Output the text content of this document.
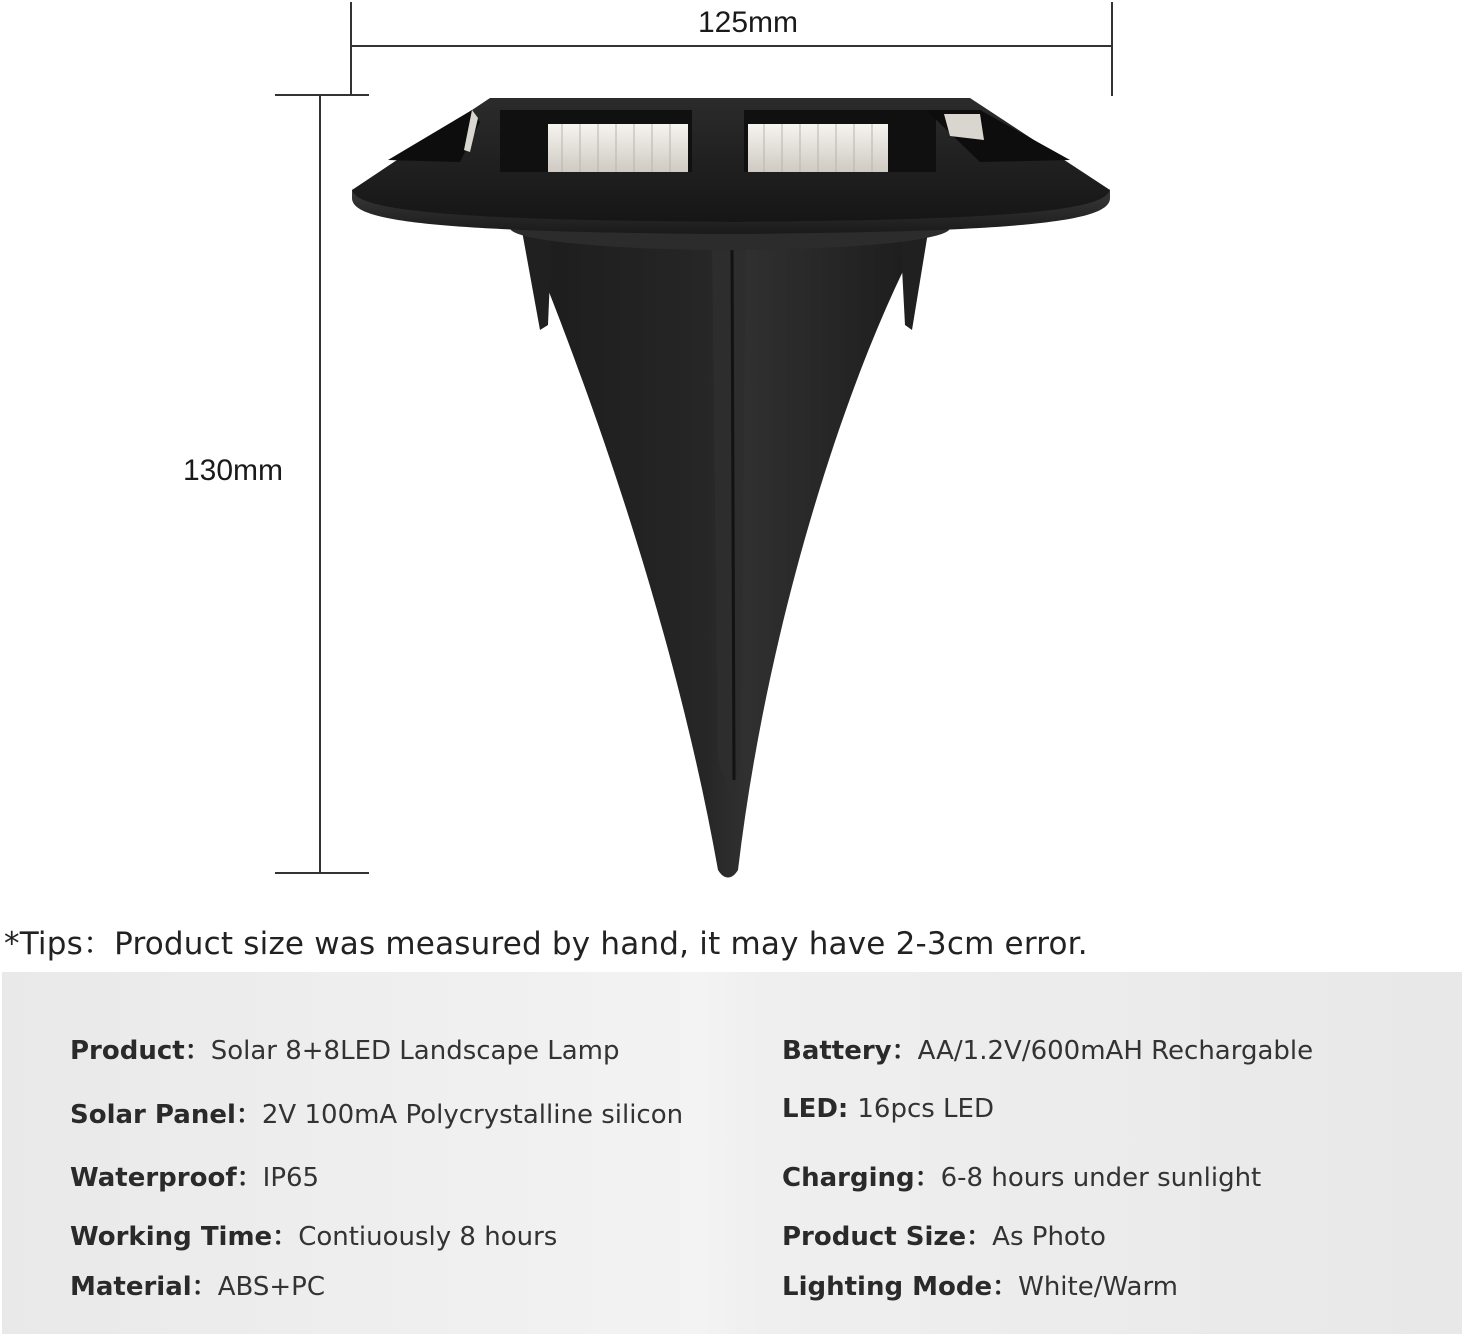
125mm
130mm
*Tips：Product size was measured by hand, it may have 2-3cm error.
Product：Solar 8+8LED Landscape Lamp
Solar Panel：2V 100mA Polycrystalline silicon
Waterproof：IP65
Working Time：Contiuously 8 hours
Material：ABS+PC
Battery：AA/1.2V/600mAH Rechargable
LED: 16pcs LED
Charging：6-8 hours under sunlight
Product Size：As Photo
Lighting Mode：White/Warm
